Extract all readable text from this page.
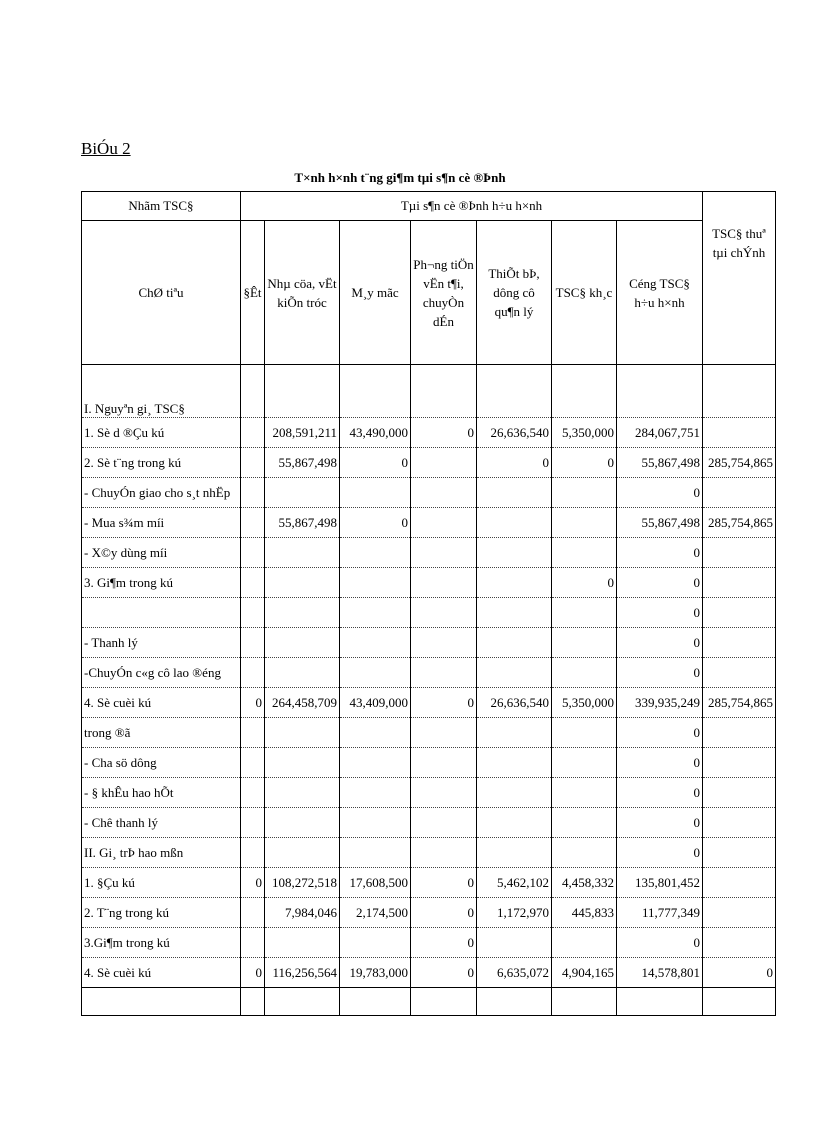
BiÓu 2
T×nh h×nh t¨ng gi¶m tµi s¶n cè ®Þnh
Nhãm TSC§	Tµi s¶n cè ®Þnh h÷u h×nh							TSC§ thuª tµi chÝnh
ChØ tiªu	§Êt	Nhµ cöa, vËt kiÕn tróc	M¸y mãc	Ph¬ng tiÖn vËn t¶i, chuyÒn dÉn	ThiÕt bÞ, dông cô qu¶n lý	TSC§ kh¸c	Céng TSC§ h÷u h×nh	
I. Nguyªn gi¸ TSC§								
1. Sè d ®Çu kú		208,591,211	43,490,000	0	26,636,540	5,350,000	284,067,751	
2. Sè t¨ng trong kú		55,867,498	0		0	0	55,867,498	285,754,865
- ChuyÓn giao cho s¸t nhËp							0	
- Mua s¾m míi		55,867,498	0				55,867,498	285,754,865
- X©y dùng míi							0	
3. Gi¶m trong kú						0	0	
							0	
- Thanh lý							0	
-ChuyÓn c«g cô lao ®éng							0	
4. Sè cuèi kú	0	264,458,709	43,409,000	0	26,636,540	5,350,000	339,935,249	285,754,865
trong ®ã							0	
- Cha sö dông							0	
- § khÊu hao hÕt							0	
- Chê thanh lý							0	
II. Gi¸ trÞ hao mßn							0	
1. §Çu kú	0	108,272,518	17,608,500	0	5,462,102	4,458,332	135,801,452	
2. T¨ng trong kú		7,984,046	2,174,500	0	1,172,970	445,833	11,777,349	
3.Gi¶m trong kú				0			0	
4. Sè cuèi kú	0	116,256,564	19,783,000	0	6,635,072	4,904,165	14,578,801	0
